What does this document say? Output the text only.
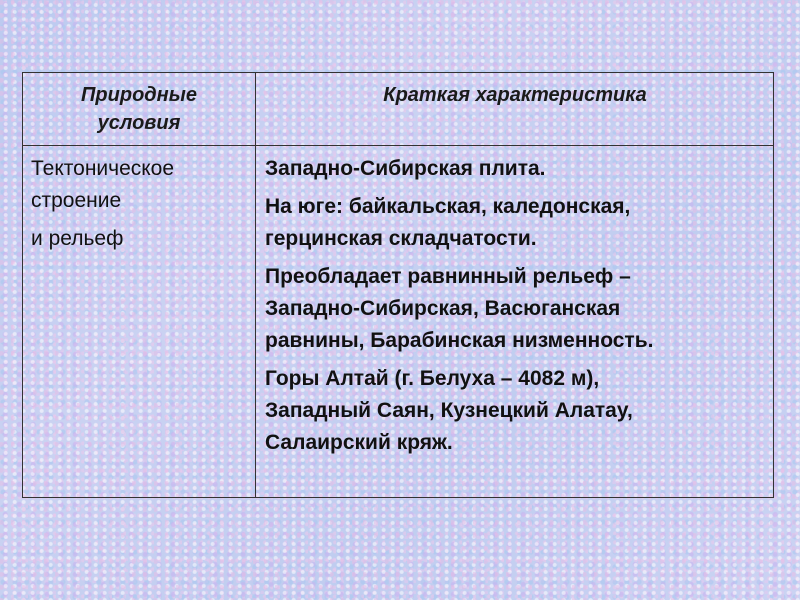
Природные
условия
Краткая характеристика
Тектоническое
строение
и рельеф
Западно-Сибирская плита.
На юге: байкальская, каледонская,
герцинская складчатости.
Преобладает равнинный рельеф –
Западно-Сибирская, Васюганская
равнины, Барабинская низменность.
Горы Алтай (г. Белуха – 4082 м),
Западный Саян, Кузнецкий Алатау,
Салаирский кряж.
